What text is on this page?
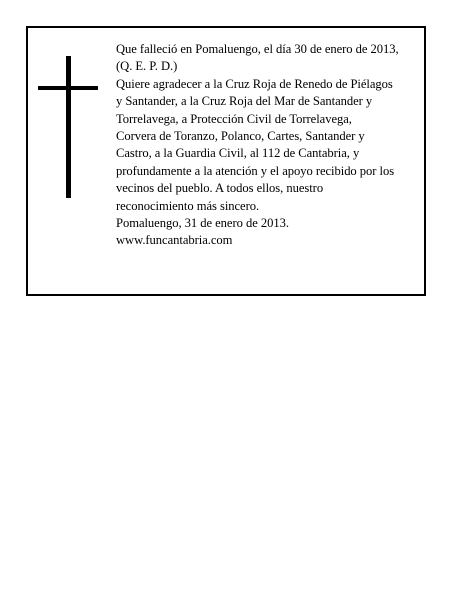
Que falleció en Pomaluengo, el día 30 de enero de 2013,
(Q. E. P. D.)
Quiere agradecer a la Cruz Roja de Renedo de Piélagos
y Santander, a la Cruz Roja del Mar de Santander y
Torrelavega, a Protección Civil de Torrelavega,
Corvera de Toranzo, Polanco, Cartes, Santander y
Castro, a la Guardia Civil, al 112 de Cantabria, y
profundamente a la atención y el apoyo recibido por los
vecinos del pueblo. A todos ellos, nuestro
reconocimiento más sincero.
Pomaluengo, 31 de enero de 2013.
www.funcantabria.com
